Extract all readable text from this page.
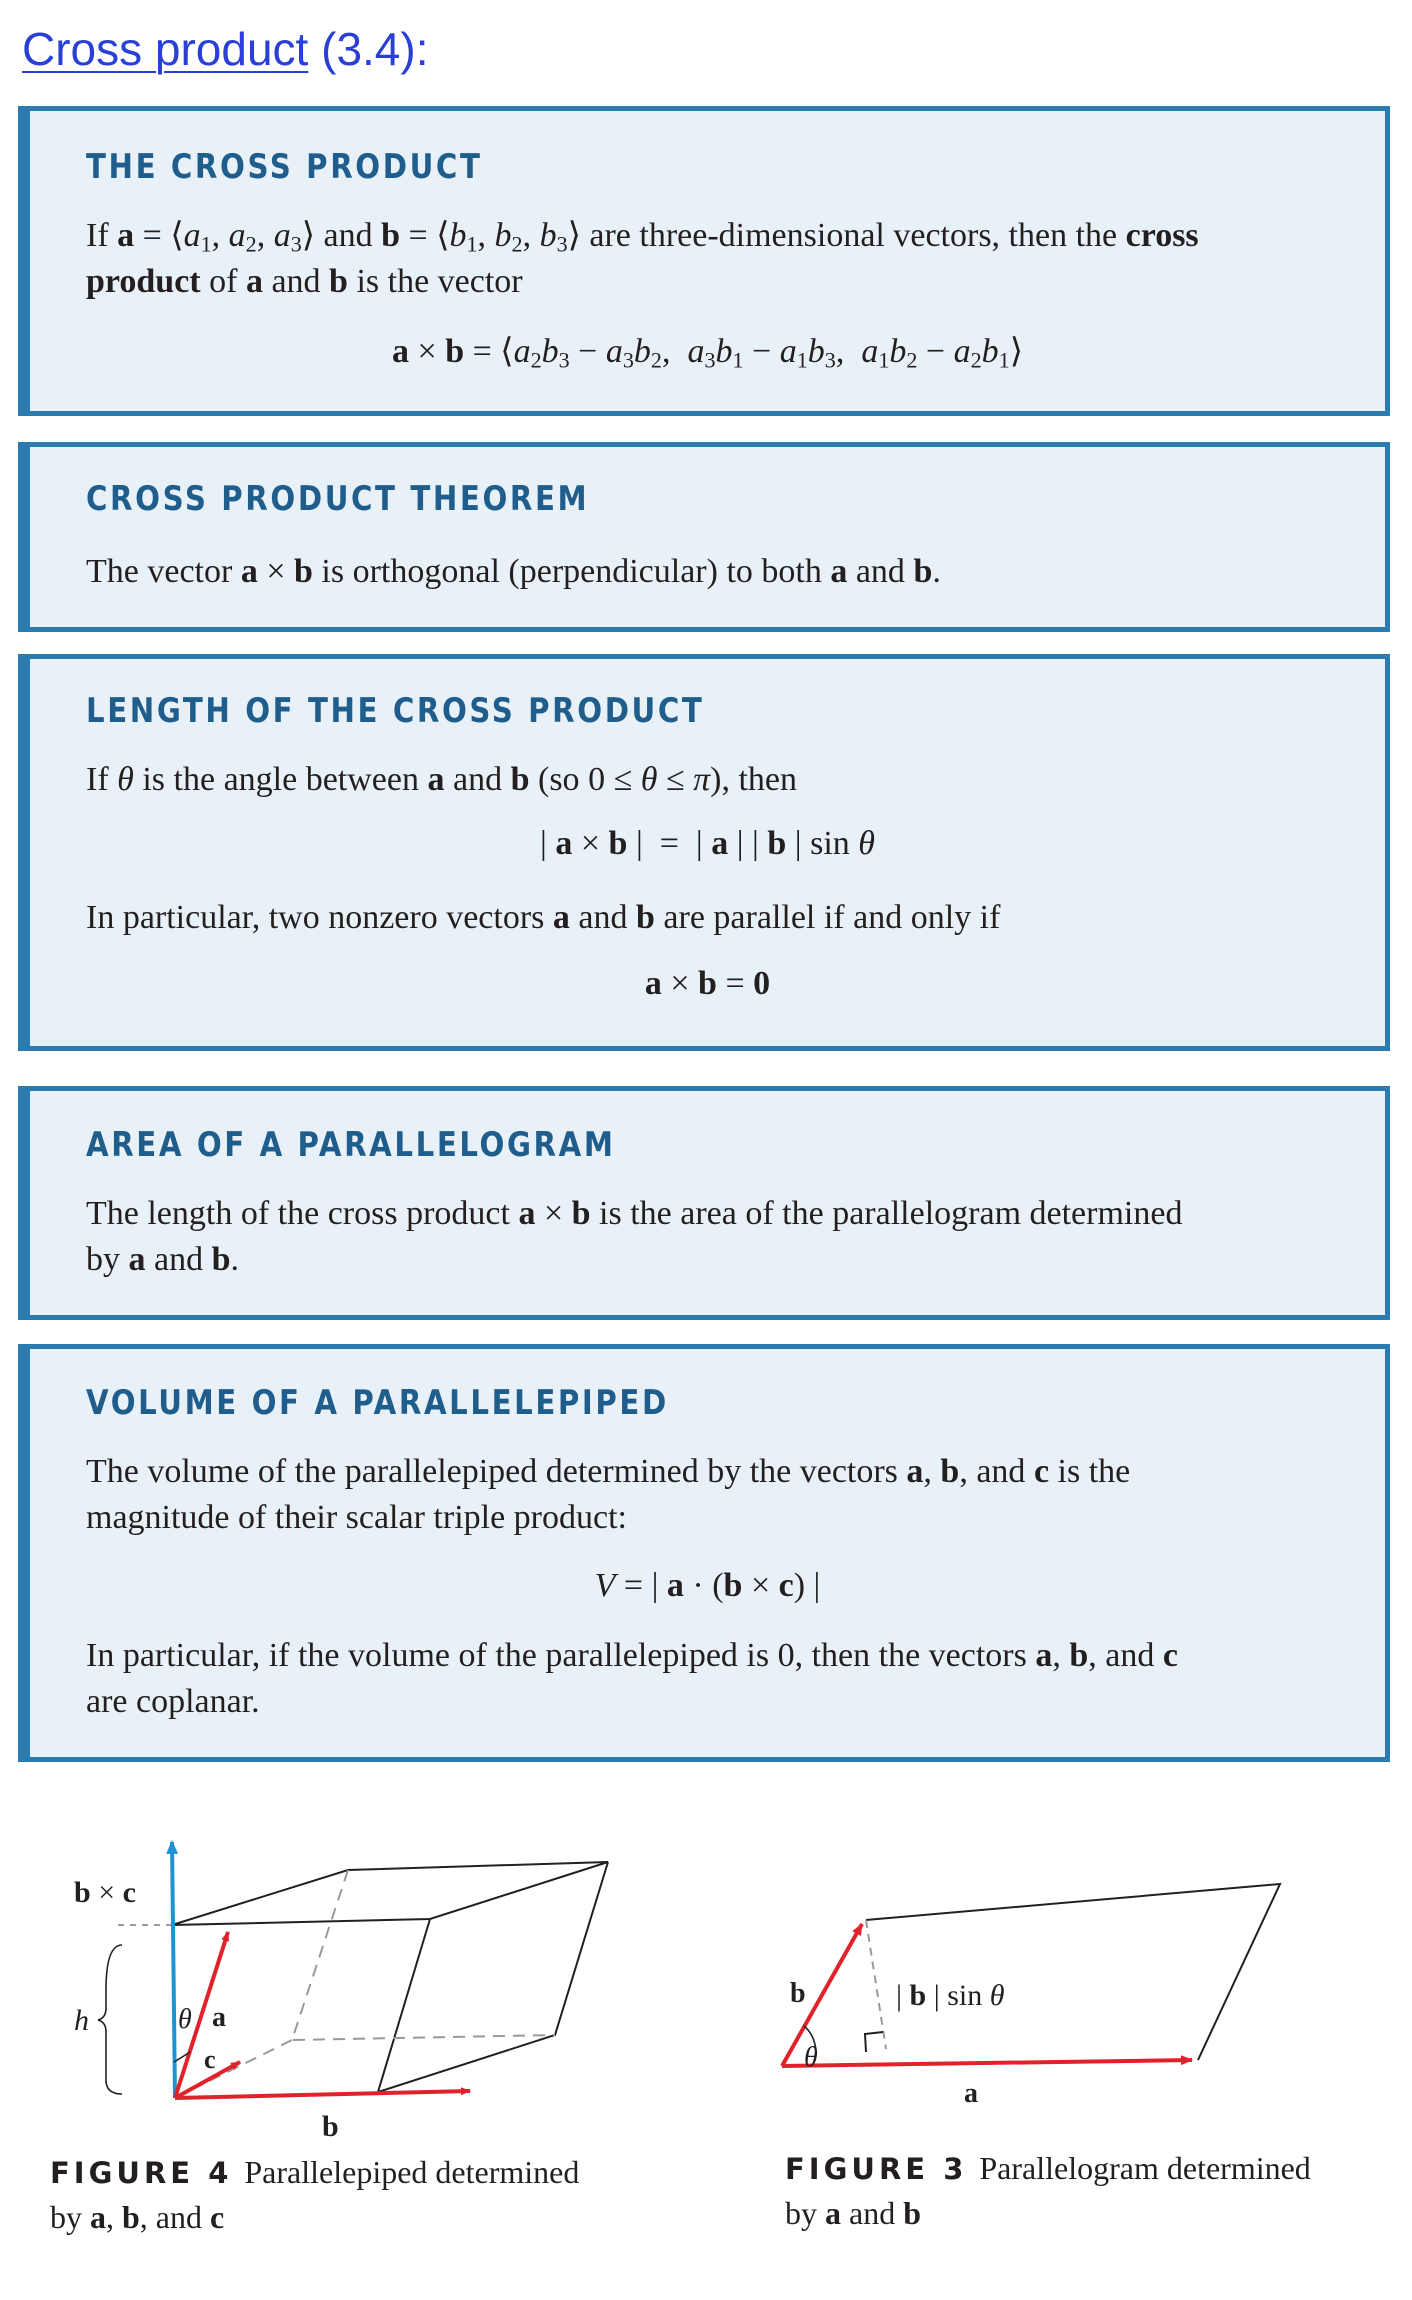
Cross product (3.4):
THE CROSS PRODUCT

If $a = ⟨a_1$, $a_2$, $a_3⟩$ and $b = ⟨b_1$, $b_2$, $b_3⟩$ are three-dimensional vectors, then the cross
product of a and b is the vector

$a \times b = ⟨a_2b_3 - a_3b_2$,  $a_3b_1 - a_1b_3$,  $a_1b_2$ − $a_2b_1⟩$

CROSS PRODUCT THEOREM

The vector a × b is orthogonal (perpendicular) to both a and b.

LENGTH OF THE CROSS PRODUCT

If θ is the angle between a and b (so 0 ≤ θ ≤ π), then

| a × b |  =  | a | | b | sin θ

In particular, two nonzero vectors a and b are parallel if and only if

a × b = 0

AREA OF A PARALLELOGRAM

The length of the cross product a × b is the area of the parallelogram determined
by a and b.

VOLUME OF A PARALLELEPIPED

The volume of the parallelepiped determined by the vectors a, b, and c is the
magnitude of their scalar triple product:

V = | a · (b × c) |

In particular, if the volume of the parallelepiped is 0, then the vectors a, b, and c
are coplanar.

h
b × c
θ a
c
b

FIGURE 4 Parallelepiped determined
by a, b, and c

θ
b
a
| b | sin θ

FIGURE 3 Parallelogram determined
by a and b
